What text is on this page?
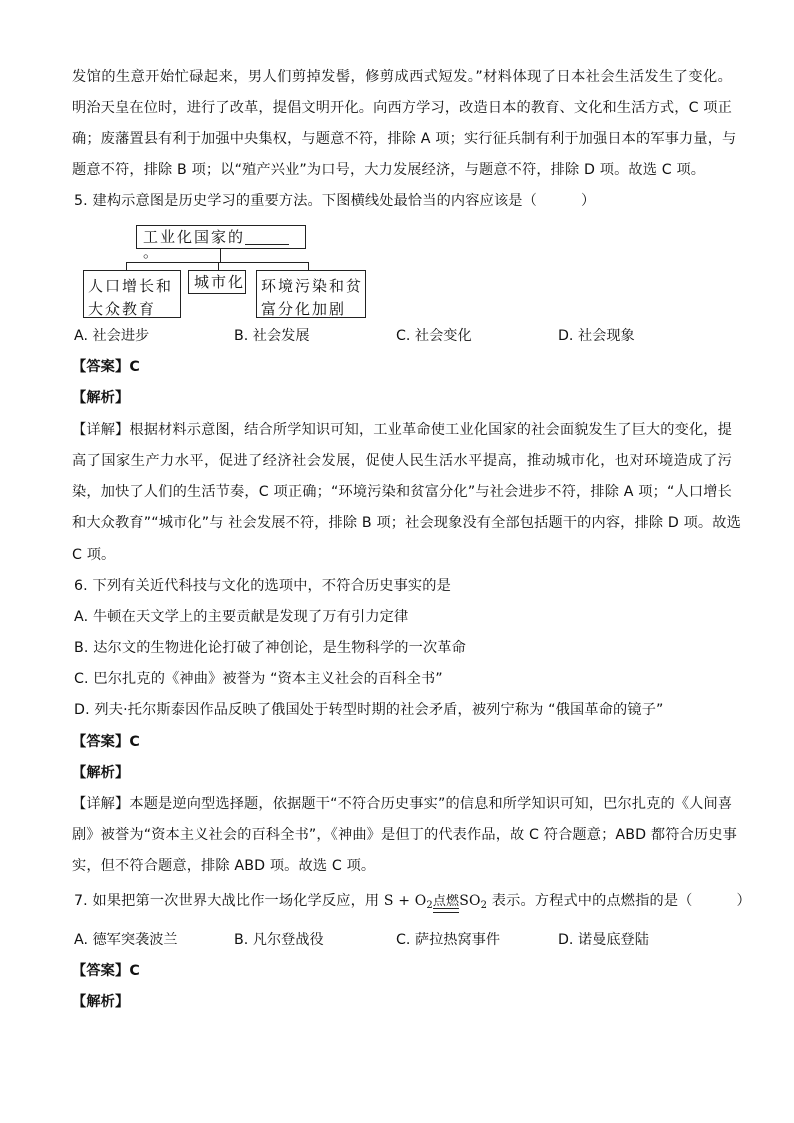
发馆的生意开始忙碌起来，男人们剪掉发髻，修剪成西式短发。”材料体现了日本社会生活发生了变化。
明治天皇在位时，进行了改革，提倡文明开化。向西方学习，改造日本的教育、文化和生活方式，C 项正
确；废藩置县有利于加强中央集权，与题意不符，排除 A 项；实行征兵制有利于加强日本的军事力量，与
题意不符，排除 B 项；以“殖产兴业”为口号，大力发展经济，与题意不符，排除 D 项。故选 C 项。
5. 建构示意图是历史学习的重要方法。下图横线处最恰当的内容应该是（	）
工业化国家的。
人口增长和
大众教育
城市化 环境污染和贫
富分化加剧
A. 社会进步	B. 社会发展	C. 社会变化	D. 社会现象
【答案】C
【解析】
【详解】根据材料示意图，结合所学知识可知，工业革命使工业化国家的社会面貌发生了巨大的变化，提
高了国家生产力水平，促进了经济社会发展，促使人民生活水平提高，推动城市化，也对环境造成了污
染，加快了人们的生活节奏，C 项正确；“环境污染和贫富分化”与社会进步不符，排除 A 项；“人口增长
和大众教育”“城市化”与 社会发展不符，排除 B 项；社会现象没有全部包括题干的内容，排除 D 项。故选
C 项。
6. 下列有关近代科技与文化的选项中，不符合历史事实的是
A. 牛顿在天文学上的主要贡献是发现了万有引力定律
B. 达尔文的生物进化论打破了神创论，是生物科学的一次革命
C. 巴尔扎克的《神曲》被誉为 “资本主义社会的百科全书”
D. 列夫·托尔斯泰因作品反映了俄国处于转型时期的社会矛盾，被列宁称为 “俄国革命的镜子”
【答案】C
【解析】
【详解】本题是逆向型选择题，依据题干“不符合历史事实”的信息和所学知识可知，巴尔扎克的《人间喜
剧》被誉为“资本主义社会的百科全书”，《神曲》是但丁的代表作品，故 C 符合题意；ABD 都符合历史事
实，但不符合题意，排除 ABD 项。故选 C 项。
7. 如果把第一次世界大战比作一场化学反应，用 $S + O_2$点燃
$SO_2$ 表示。方程式中的点燃指的是（	）
A. 德军突袭波兰	B. 凡尔登战役	C. 萨拉热窝事件	D. 诺曼底登陆
【答案】C
【解析】
